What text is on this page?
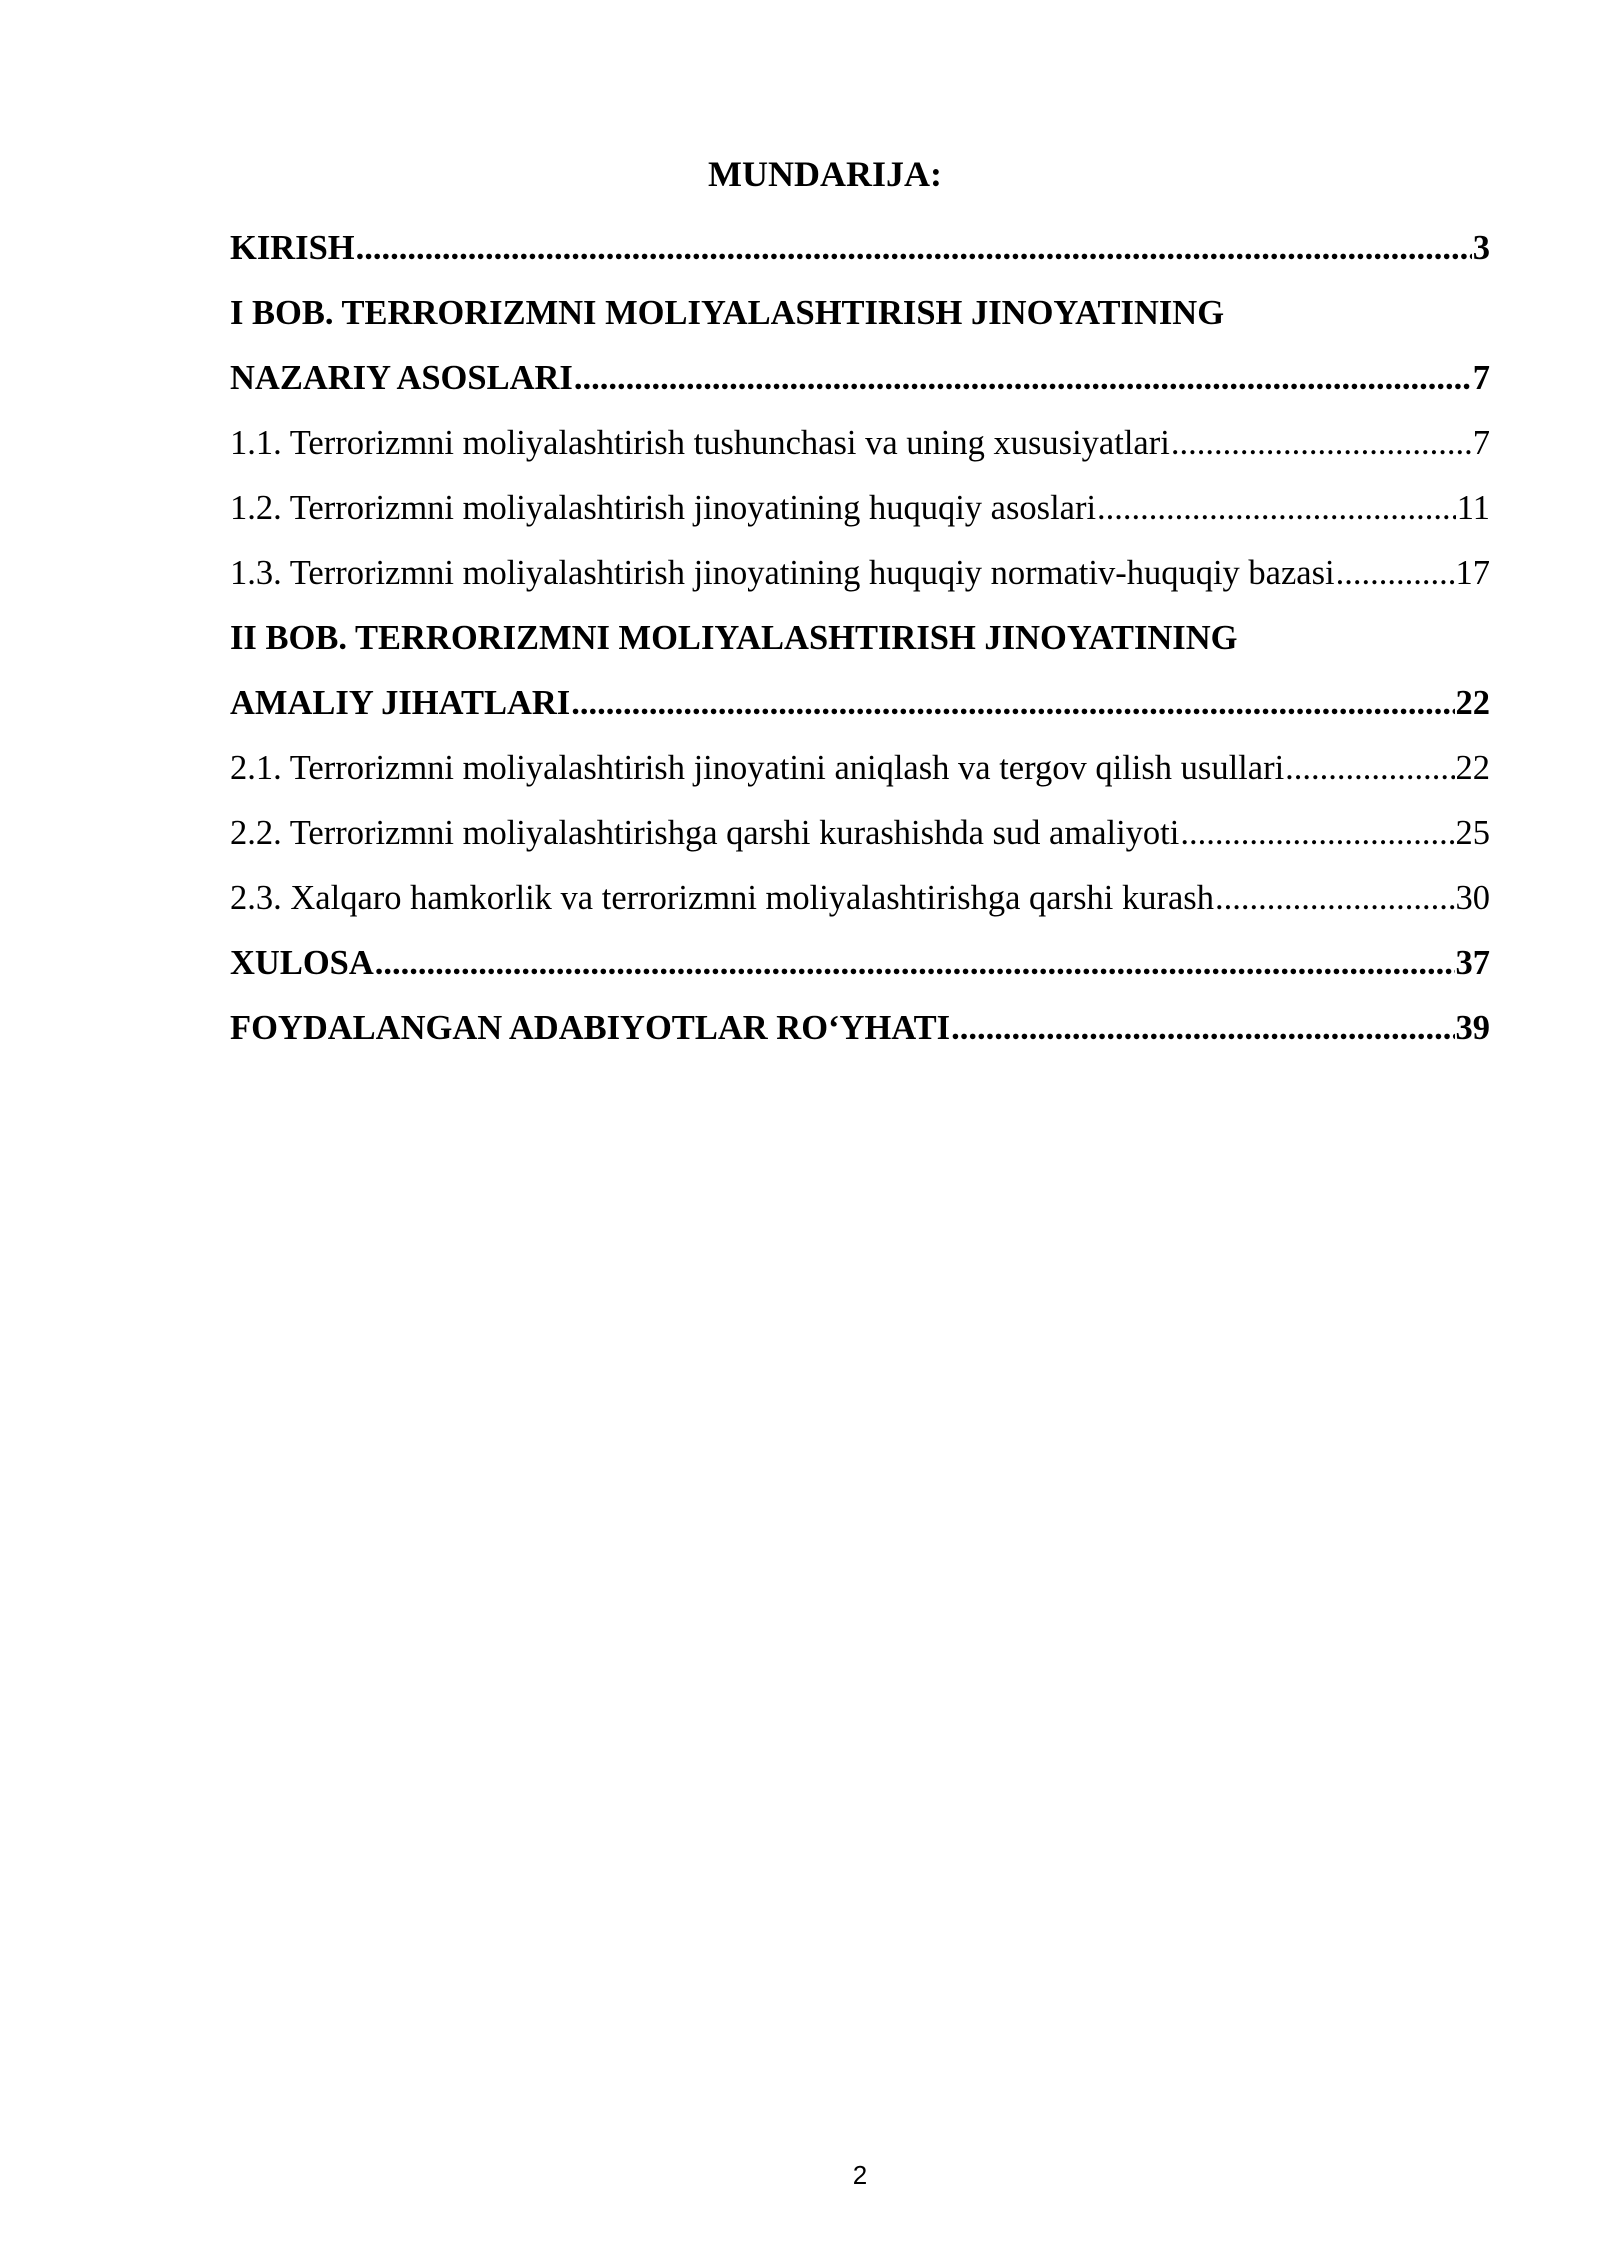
MUNDARIJA:
KIRISH .....	3
I BOB. TERRORIZMNI MOLIYALASHTIRISH JINOYATINING
NAZARIY ASOSLARI .....	7
1.1. Terrorizmni moliyalashtirish tushunchasi va uning xususiyatlari .....	7
1.2. Terrorizmni moliyalashtirish jinoyatining huquqiy asoslari .....	11
1.3. Terrorizmni moliyalashtirish jinoyatining huquqiy normativ-huquqiy bazasi .....	17
II BOB. TERRORIZMNI MOLIYALASHTIRISH JINOYATINING
AMALIY JIHATLARI .....	22
2.1. Terrorizmni moliyalashtirish jinoyatini aniqlash va tergov qilish usullari .....	22
2.2. Terrorizmni moliyalashtirishga qarshi kurashishda sud amaliyoti .....	25
2.3. Xalqaro hamkorlik va terrorizmni moliyalashtirishga qarshi kurash .....	30
XULOSA .....	37
FOYDALANGAN ADABIYOTLAR RO‘YHATI .....	39
2
